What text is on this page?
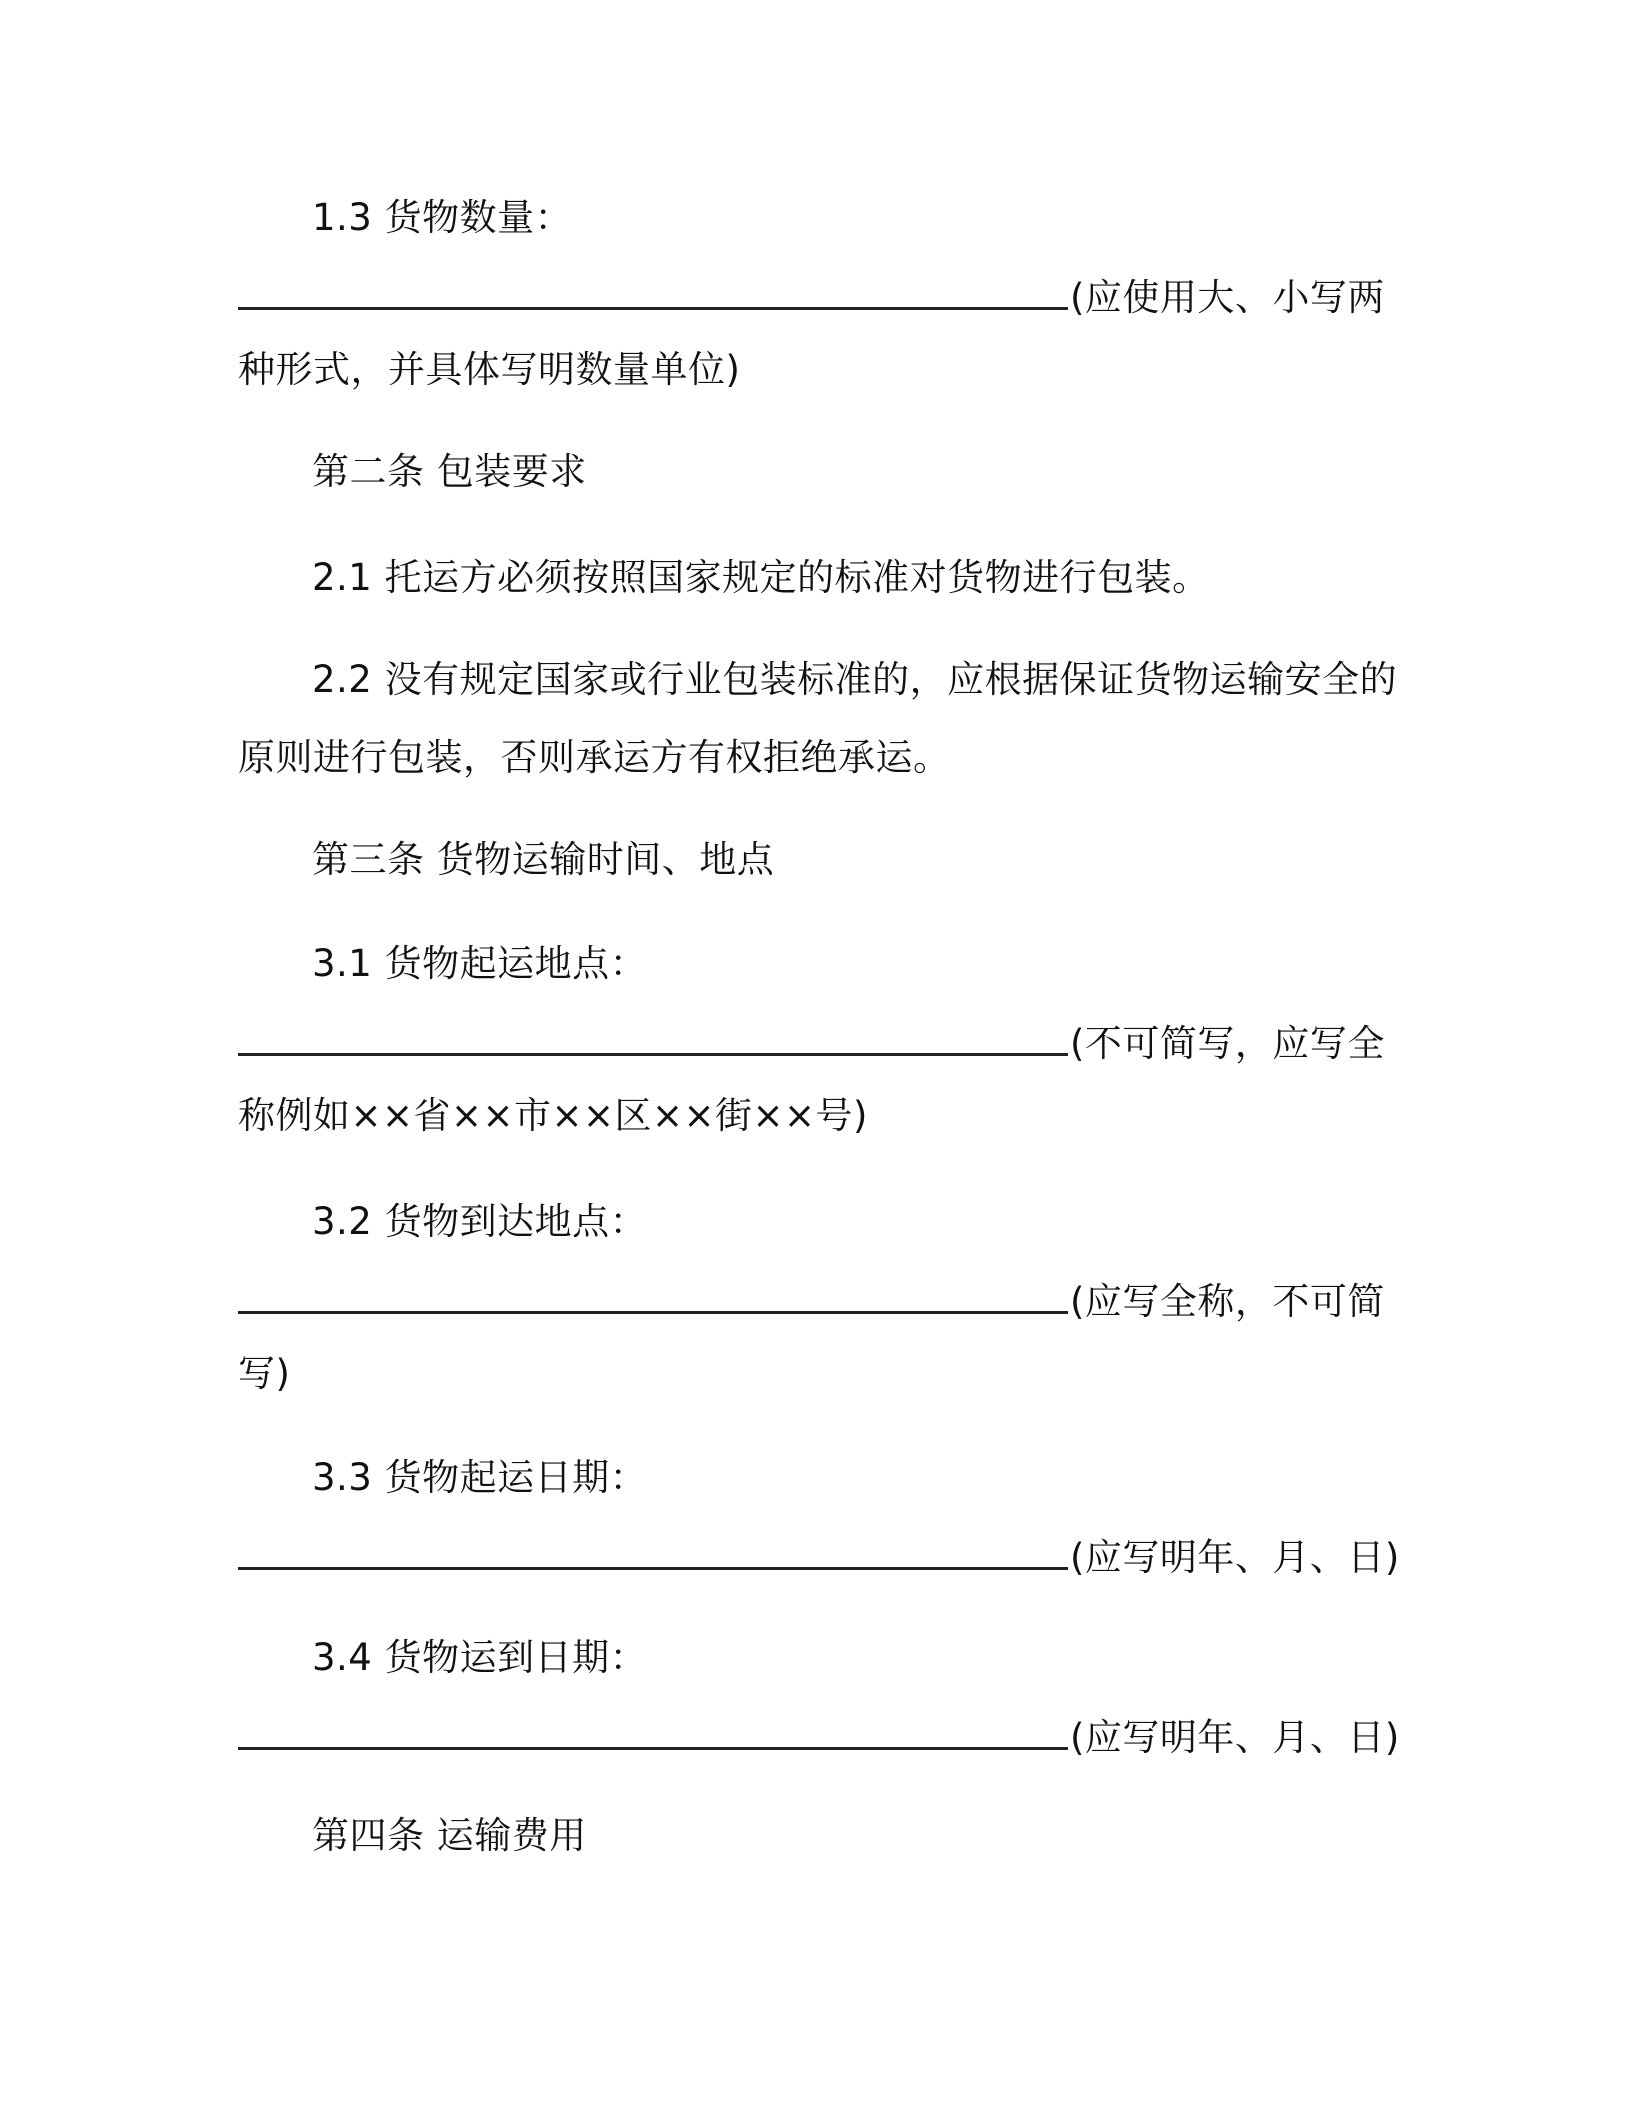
1.3 货物数量：
(应使用大、小写两
种形式，并具体写明数量单位)
第二条 包装要求
2.1 托运方必须按照国家规定的标准对货物进行包装。
2.2 没有规定国家或行业包装标准的，应根据保证货物运输安全的
原则进行包装，否则承运方有权拒绝承运。
第三条 货物运输时间、地点
3.1 货物起运地点：
(不可简写，应写全
称例如××省××市××区××街××号)
3.2 货物到达地点：
(应写全称，不可简
写)
3.3 货物起运日期：
(应写明年、月、日)
3.4 货物运到日期：
(应写明年、月、日)
第四条 运输费用
